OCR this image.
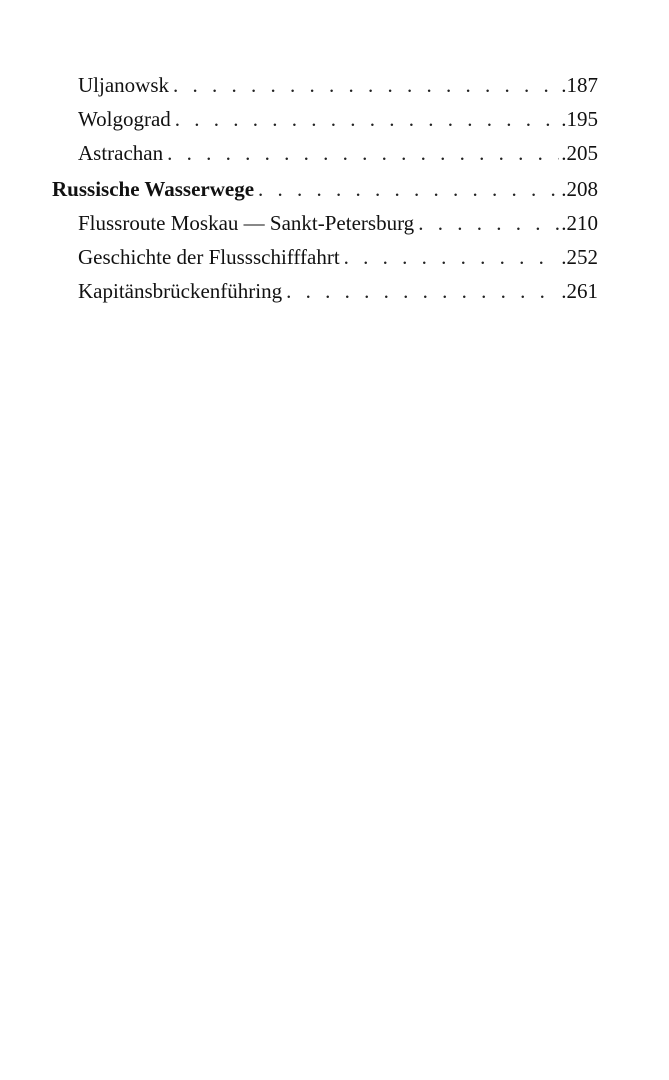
Uljanowsk . . .	.187
Wolgograd . . .	.195
Astrachan . . .	.205
Russische Wasserwege . . .	.208
Flussroute Moskau — Sankt-Petersburg . . .	.210
Geschichte der Flussschifffahrt . . .	.252
Kapitänsbrückenführing . . .	.261
